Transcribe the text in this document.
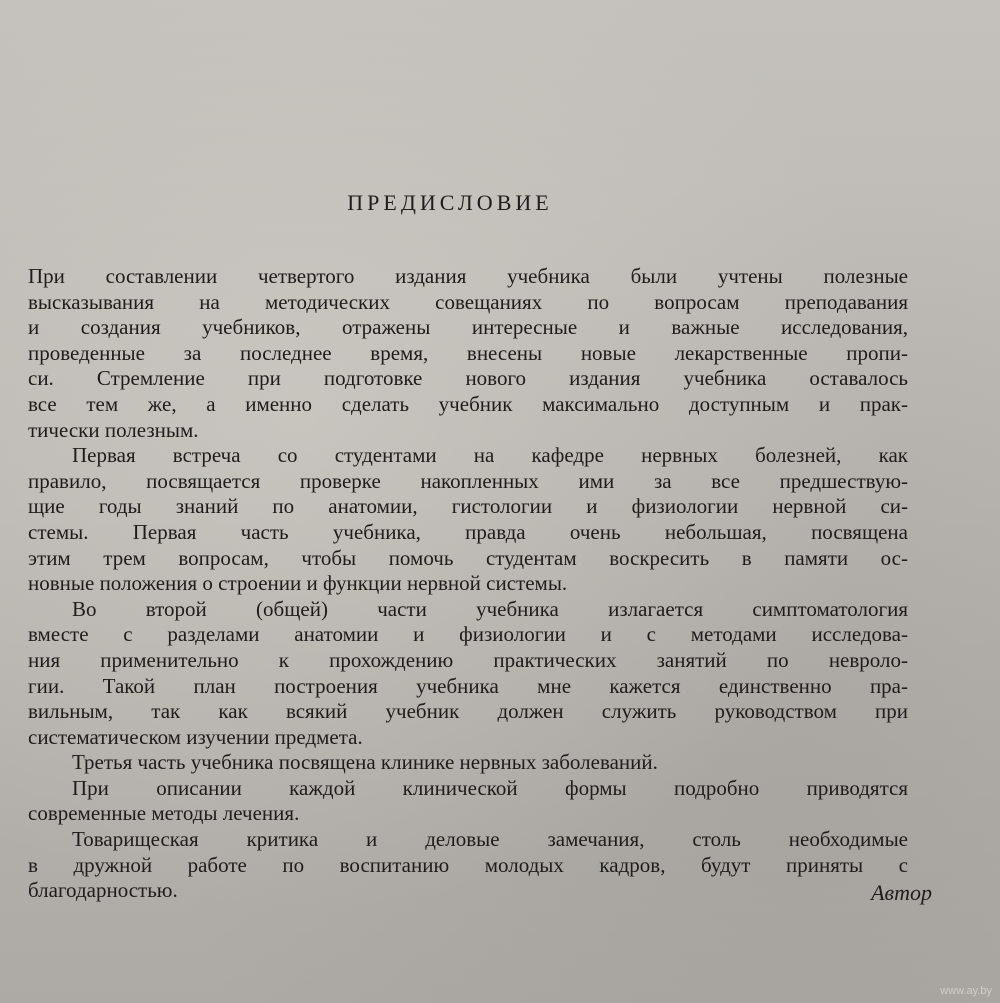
ПРЕДИСЛОВИЕ
При составлении четвертого издания учебника были учтены полезные
высказывания на методических совещаниях по вопросам преподавания
и создания учебников, отражены интересные и важные исследования,
проведенные за последнее время, внесены новые лекарственные пропи-
си. Стремление при подготовке нового издания учебника оставалось
все тем же, а именно сделать учебник максимально доступным и прак-
тически полезным.
Первая встреча со студентами на кафедре нервных болезней, как
правило, посвящается проверке накопленных ими за все предшествую-
щие годы знаний по анатомии, гистологии и физиологии нервной си-
стемы. Первая часть учебника, правда очень небольшая, посвящена
этим трем вопросам, чтобы помочь студентам воскресить в памяти ос-
новные положения о строении и функции нервной системы.
Во второй (общей) части учебника излагается симптоматология
вместе с разделами анатомии и физиологии и с методами исследова-
ния применительно к прохождению практических занятий по невроло-
гии. Такой план построения учебника мне кажется единственно пра-
вильным, так как всякий учебник должен служить руководством при
систематическом изучении предмета.
Третья часть учебника посвящена клинике нервных заболеваний.
При описании каждой клинической формы подробно приводятся
современные методы лечения.
Товарищеская критика и деловые замечания, столь необходимые
в дружной работе по воспитанию молодых кадров, будут приняты с
благодарностью.	Автор

www.ay.by
